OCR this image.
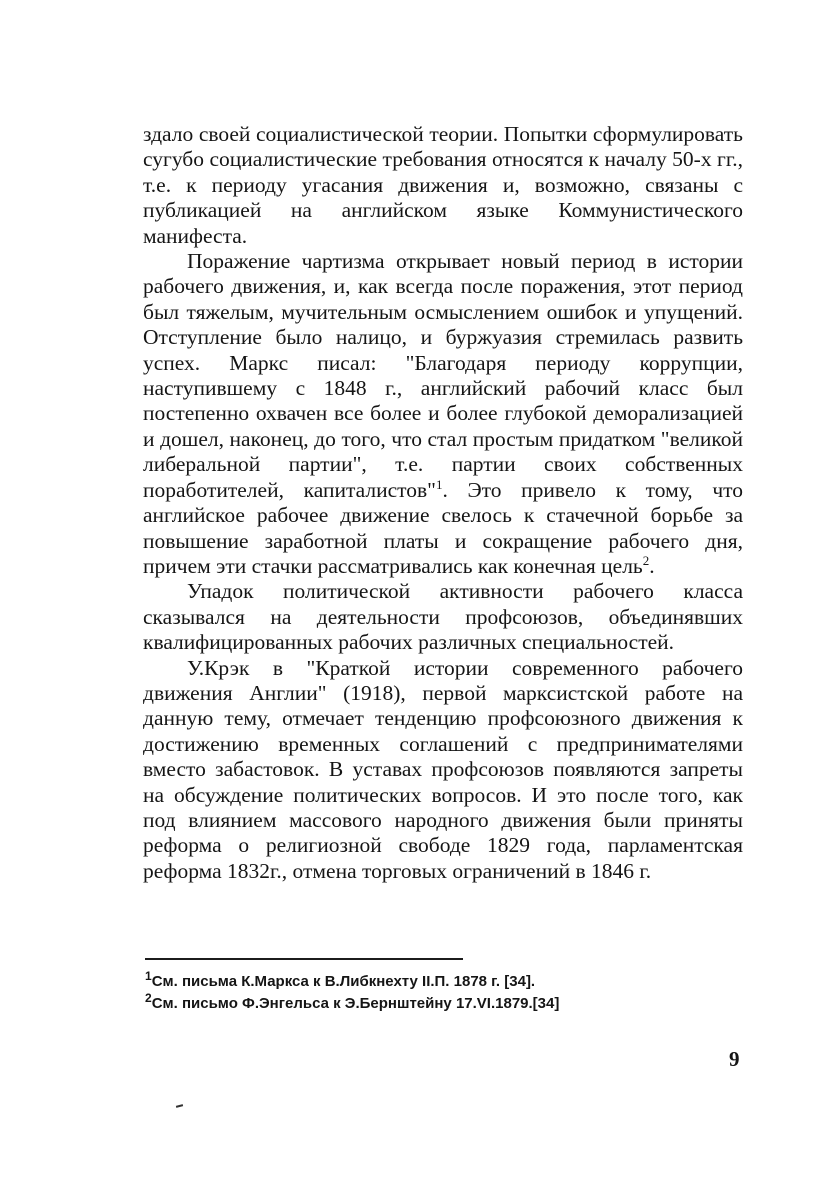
здало своей социалистической теории. Попытки сформулировать сугубо социалистические требования относятся к началу 50-х гг., т.е. к периоду угасания движения и, возможно, связаны с публикацией на английском языке Коммунистического манифеста.

Поражение чартизма открывает новый период в истории рабочего движения, и, как всегда после поражения, этот период был тяжелым, мучительным осмыслением ошибок и упущений. Отступление было налицо, и буржуазия стремилась развить успех. Маркс писал: "Благодаря периоду коррупции, наступившему с 1848 г., английский рабочий класс был постепенно охвачен все более и более глубокой деморализацией и дошел, наконец, до того, что стал простым придатком "великой либеральной партии", т.е. партии своих собственных поработителей, капиталистов"$^1$. Это привело к тому, что английское рабочее движение свелось к стачечной борьбе за повышение заработной платы и сокращение рабочего дня, причем эти стачки рассматривались как конечная цель$^2$.

Упадок политической активности рабочего класса сказывался на деятельности профсоюзов, объединявших квалифицированных рабочих различных специальностей.

У.Крэк в "Краткой истории современного рабочего движения Англии" (1918), первой марксистской работе на данную тему, отмечает тенденцию профсоюзного движения к достижению временных соглашений с предпринимателями вместо забастовок. В уставах профсоюзов появляются запреты на обсуждение политических вопросов. И это после того, как под влиянием массового народного движения были приняты реформа о религиозной свободе 1829 года, парламентская реформа 1832г., отмена торговых ограничений в 1846 г.

$^1$См. письма К.Маркса к В.Либкнехту II.П. 1878 г. [34].
$^2$См. письмо Ф.Энгельса к Э.Бернштейну 17.VI.1879.[34]
9
